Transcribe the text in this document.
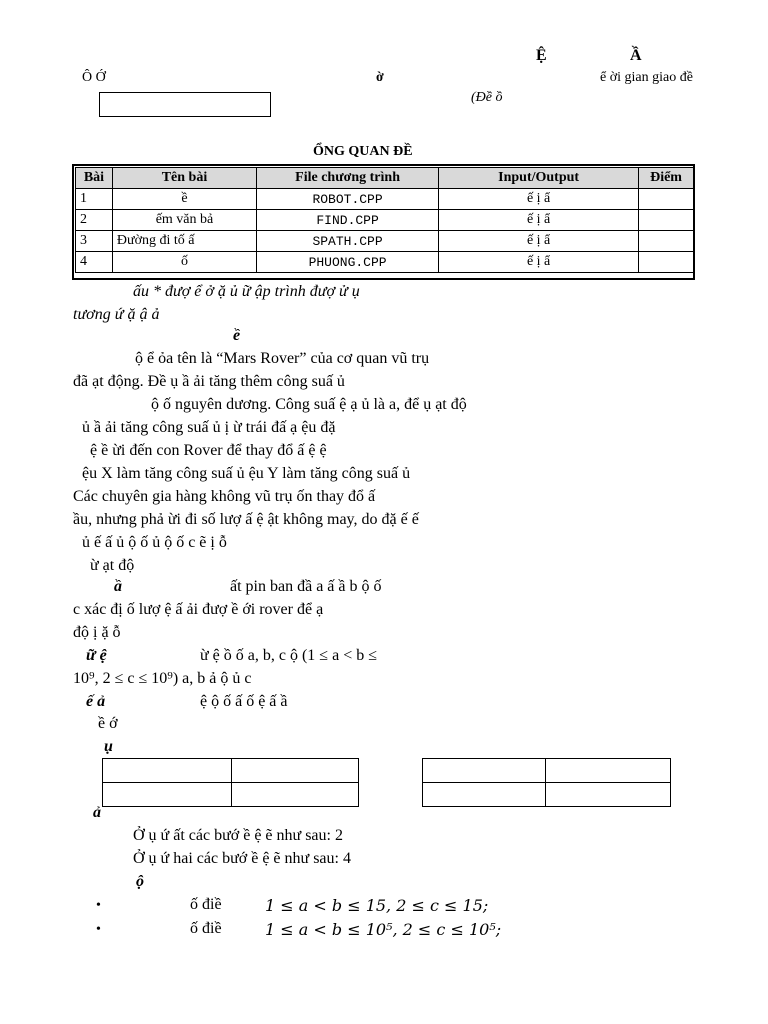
Ệ	Ầ
Ô Ớ	ờ	ể ời gian giao đề
(Đề ồ
ỔNG QUAN ĐỀ
Bài	Tên bài	File chương trình	Input/Output	Điểm
1	ề	ROBOT.CPP	ế ị ẩ	
2	ếm văn bả	FIND.CPP	ế ị ẩ	
3	Đường đi tố ấ	SPATH.CPP	ế ị ẩ	
4	ố	PHUONG.CPP	ế ị ẩ	
ấu * đượ ể ở ặ ủ ữ ập trình đượ ử ụ
tương ứ ặ ậ ả
ề
ộ ể ỏa tên là “Mars Rover” của cơ quan vũ trụ
đã ạt động. Đề ụ ầ ải tăng thêm công suấ ủ
ộ ố nguyên dương. Công suấ ệ ạ ủ là a, để ụ ạt độ
ủ ầ ải tăng công suấ ủ ị ừ trái đấ ạ ệu đặ
ệ ề ừi đến con Rover để thay đổ ấ ệ ệ
ệu X làm tăng công suấ ủ ệu Y làm tăng công suấ ủ
Các chuyên gia hàng không vũ trụ ốn thay đổ ấ
ầu, nhưng phả ừi đi số lượ ấ ệ ật không may, do đặ ế ế
ủ ế ấ ủ ộ ố ủ ộ ố c ẽ ị ỗ
ừ ạt độ
ầ	ất pin ban đầ a ấ ầ b ộ ố
c xác đị ố lượ ệ ấ ải đượ ề ới rover để ạ
độ ị ặ ỗ
ữ ệ	ừ ệ ồ ố a, b, c ộ (1 ≤ a < b ≤
10⁹, 2 ≤ c ≤ 10⁹) a, b ả ộ ủ c
ế ả	ệ ộ ố ấ ố ệ ấ ầ
ề ớ
ụ

ả
Ở ụ ứ ất các bướ ề ệ ẽ như sau: 2
Ở ụ ứ hai các bướ ề ệ ẽ như sau: 4
ộ
•	ố điề	1 ≤ a < b ≤ 15, 2 ≤ c ≤ 15;
•	ố điề	1 ≤ a < b ≤ 10⁵, 2 ≤ c ≤ 10⁵;
